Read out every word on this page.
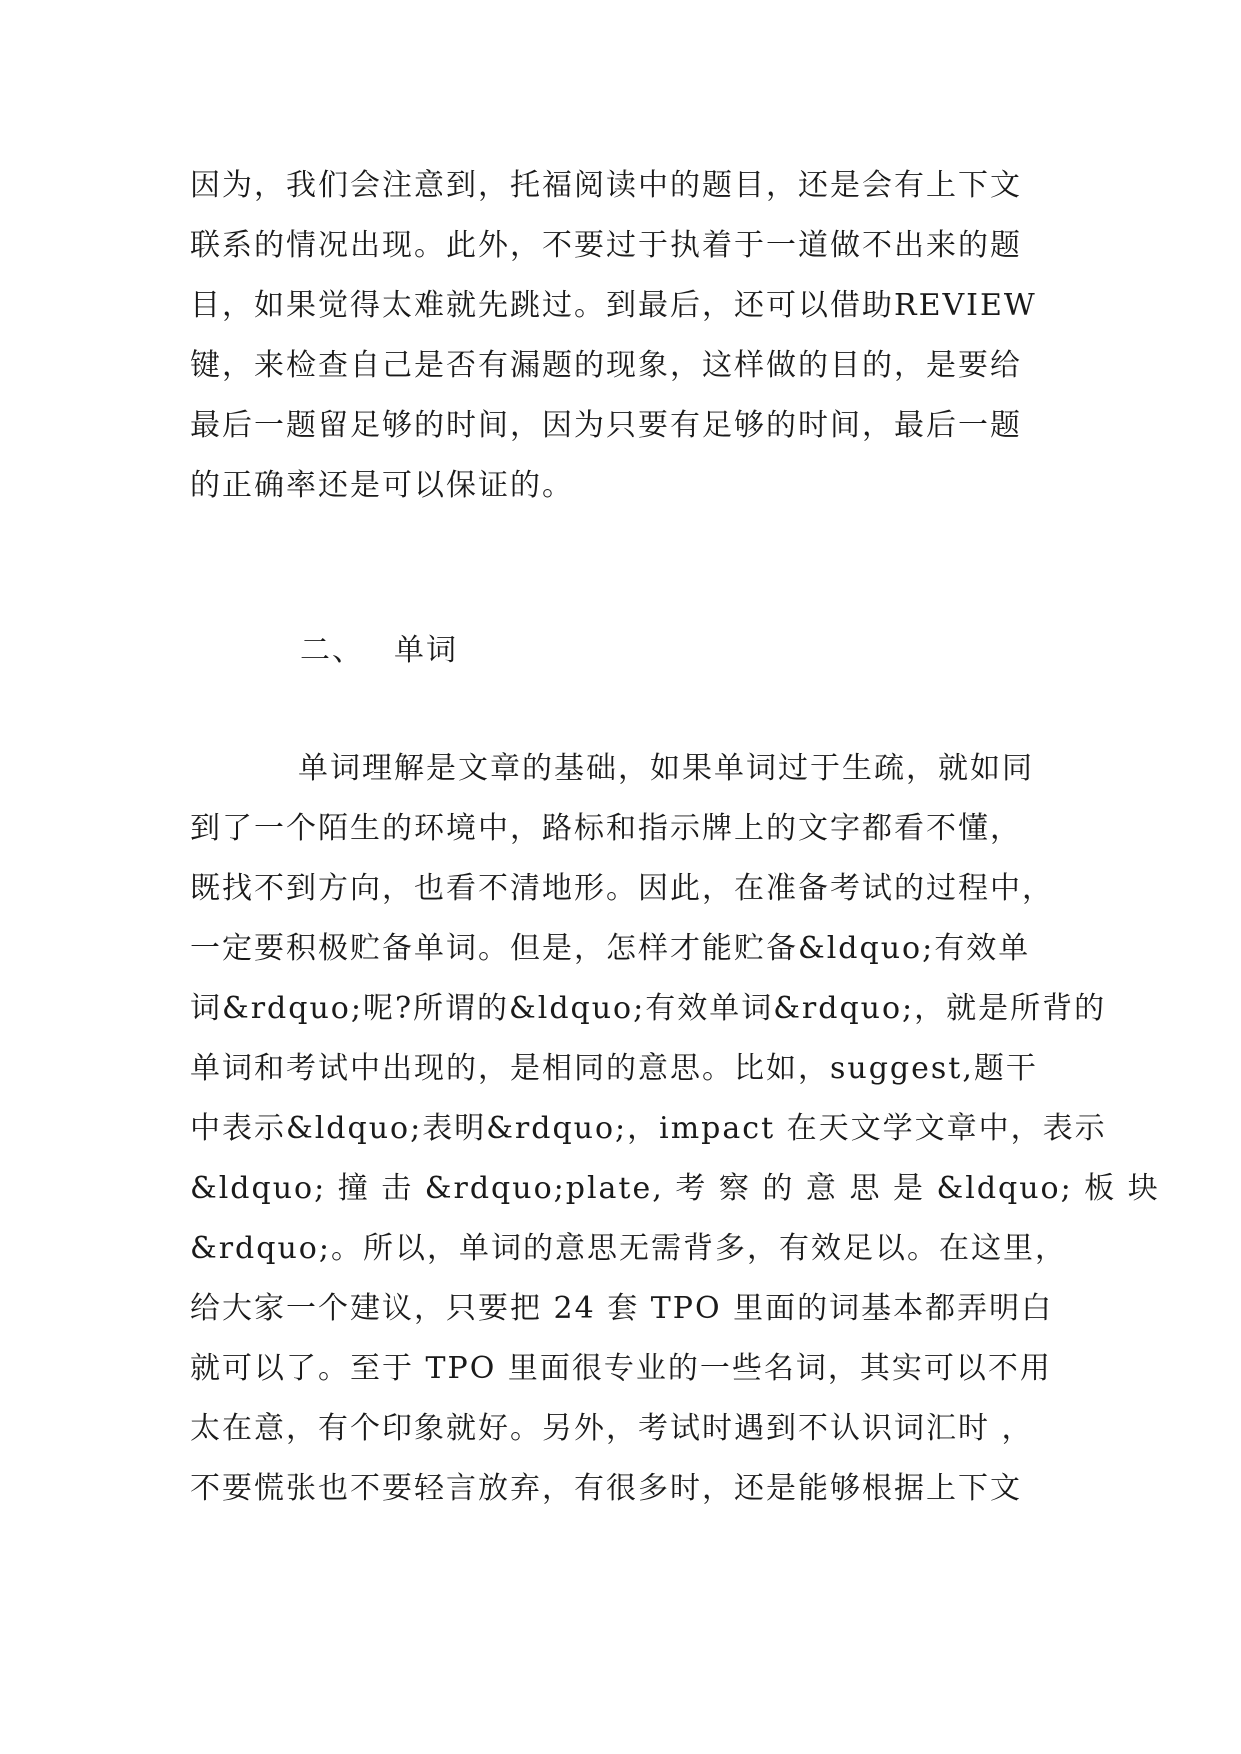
因为，我们会注意到，托福阅读中的题目，还是会有上下文
联系的情况出现。此外，不要过于执着于一道做不出来的题
目，如果觉得太难就先跳过。到最后，还可以借助REVIEW
键，来检查自己是否有漏题的现象，这样做的目的，是要给
最后一题留足够的时间，因为只要有足够的时间，最后一题
的正确率还是可以保证的。
二、 单词
单词理解是文章的基础，如果单词过于生疏，就如同
到了一个陌生的环境中，路标和指示牌上的文字都看不懂，
既找不到方向，也看不清地形。因此，在准备考试的过程中，
一定要积极贮备单词。但是，怎样才能贮备&ldquo;有效单
词&rdquo;呢?所谓的&ldquo;有效单词&rdquo;，就是所背的
单词和考试中出现的，是相同的意思。比如，suggest,题干
中表示&ldquo;表明&rdquo;，impact 在天文学文章中，表示
&ldquo; 撞 击 &rdquo;plate, 考 察 的 意 思 是 &ldquo; 板 块
&rdquo;。所以，单词的意思无需背多，有效足以。在这里，
给大家一个建议，只要把 24 套 TPO 里面的词基本都弄明白
就可以了。至于 TPO 里面很专业的一些名词，其实可以不用
太在意，有个印象就好。另外，考试时遇到不认识词汇时 ，
不要慌张也不要轻言放弃，有很多时，还是能够根据上下文
